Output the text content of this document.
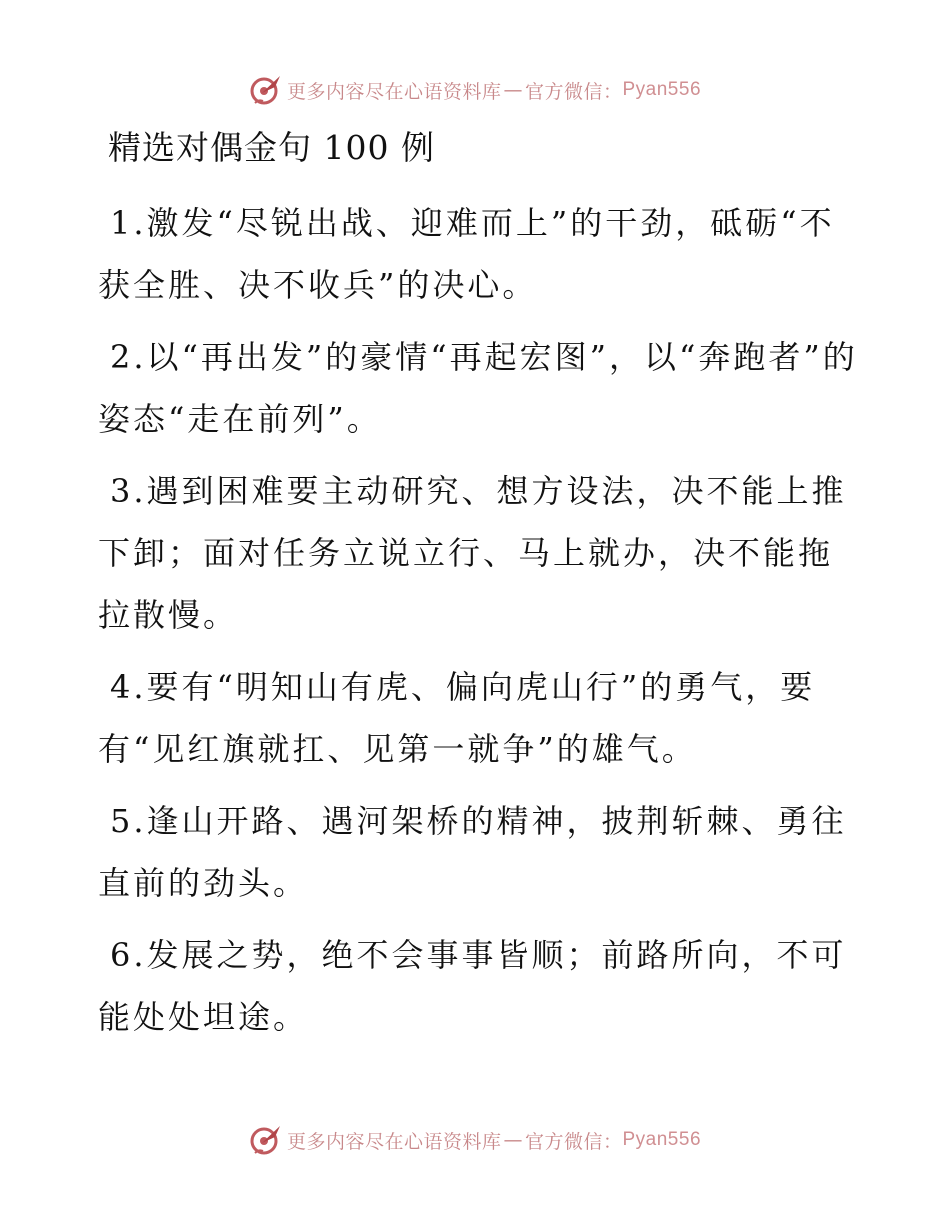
更多内容尽在心语资料库 — 官方微信： Pyan556
精选对偶金句 100 例

1.激发“尽锐出战、迎难而上”的干劲，砥砺“不获全胜、决不收兵”的决心。

2.以“再出发”的豪情“再起宏图”，以“奔跑者”的姿态“走在前列”。

3.遇到困难要主动研究、想方设法，决不能上推下卸；面对任务立说立行、马上就办，决不能拖拉散慢。

4.要有“明知山有虎、偏向虎山行”的勇气，要有“见红旗就扛、见第一就争”的雄气。

5.逢山开路、遇河架桥的精神，披荆斩棘、勇往直前的劲头。

6.发展之势，绝不会事事皆顺；前路所向，不可能处处坦途。

更多内容尽在心语资料库 — 官方微信： Pyan556
